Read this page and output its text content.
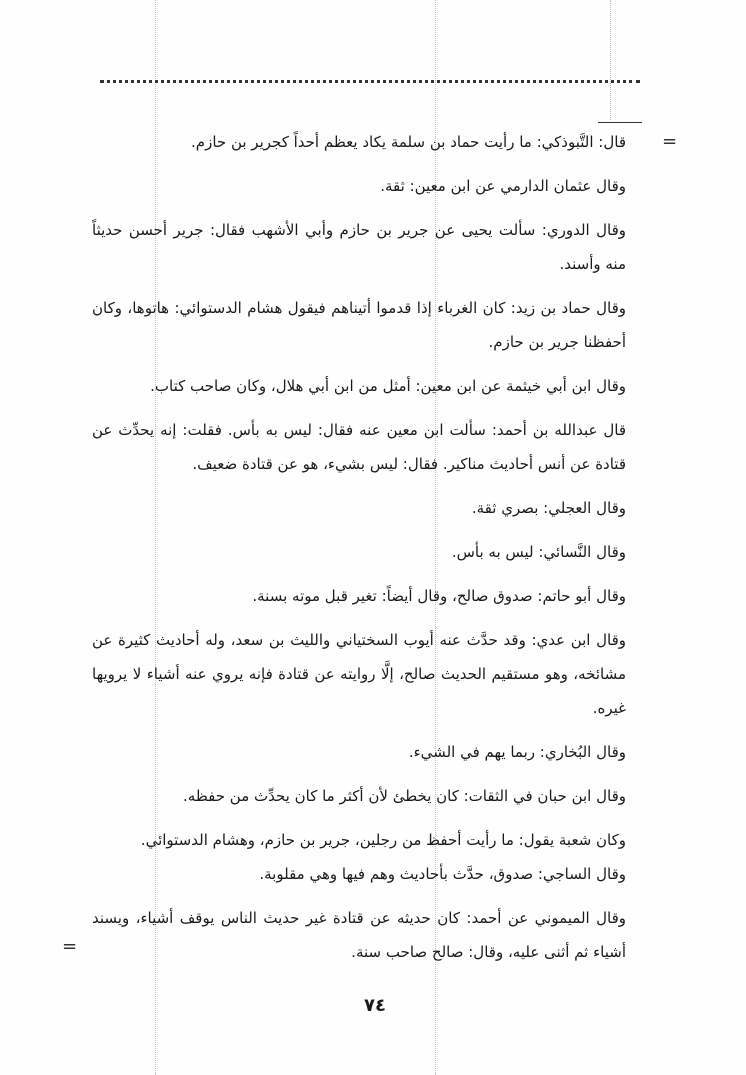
=
=

قال: التَّبوذكي: ما رأيت حماد بن سلمة يكاد يعظم أحداً كجرير بن حازم.

وقال عثمان الدارمي عن ابن معين: ثقة.

وقال الدوري: سألت يحيى عن جرير بن حازم وأبي الأشهب فقال: جرير أحسن حديثاً منه وأسند.

وقال حماد بن زيد: كان الغرباء إذا قدموا أتيناهم فيقول هشام الدستوائي: هاتوها، وكان أحفظنا جرير بن حازم.

وقال ابن أبي خيثمة عن ابن معين: أمثل من ابن أبي هلال، وكان صاحب كتاب.

قال عبدالله بن أحمد: سألت ابن معين عنه فقال: ليس به بأس. فقلت: إنه يحدِّث عن قتادة عن أنس أحاديث مناكير. فقال: ليس بشيء، هو عن قتادة ضعيف.

وقال العجلي: بصري ثقة.

وقال النَّسائي: ليس به بأس.

وقال أبو حاتم: صدوق صالح، وقال أيضاً: تغير قبل موته بسنة.

وقال ابن عدي: وقد حدَّث عنه أيوب السختياني والليث بن سعد، وله أحاديث كثيرة عن مشائخه، وهو مستقيم الحديث صالح، إلَّا روايته عن قتادة فإنه يروي عنه أشياء لا يرويها غيره.

وقال البُخاري: ربما يهم في الشيء.

وقال ابن حبان في الثقات: كان يخطئ لأن أكثر ما كان يحدِّث من حفظه.

وكان شعبة يقول: ما رأيت أحفظ من رجلين، جرير بن حازم، وهشام الدستوائي.

وقال الساجي: صدوق، حدَّث بأحاديث وهم فيها وهي مقلوبة.

وقال الميموني عن أحمد: كان حديثه عن قتادة غير حديث الناس يوقف أشياء، ويسند أشياء ثم أثنى عليه، وقال: صالح صاحب سنة.

٧٤
